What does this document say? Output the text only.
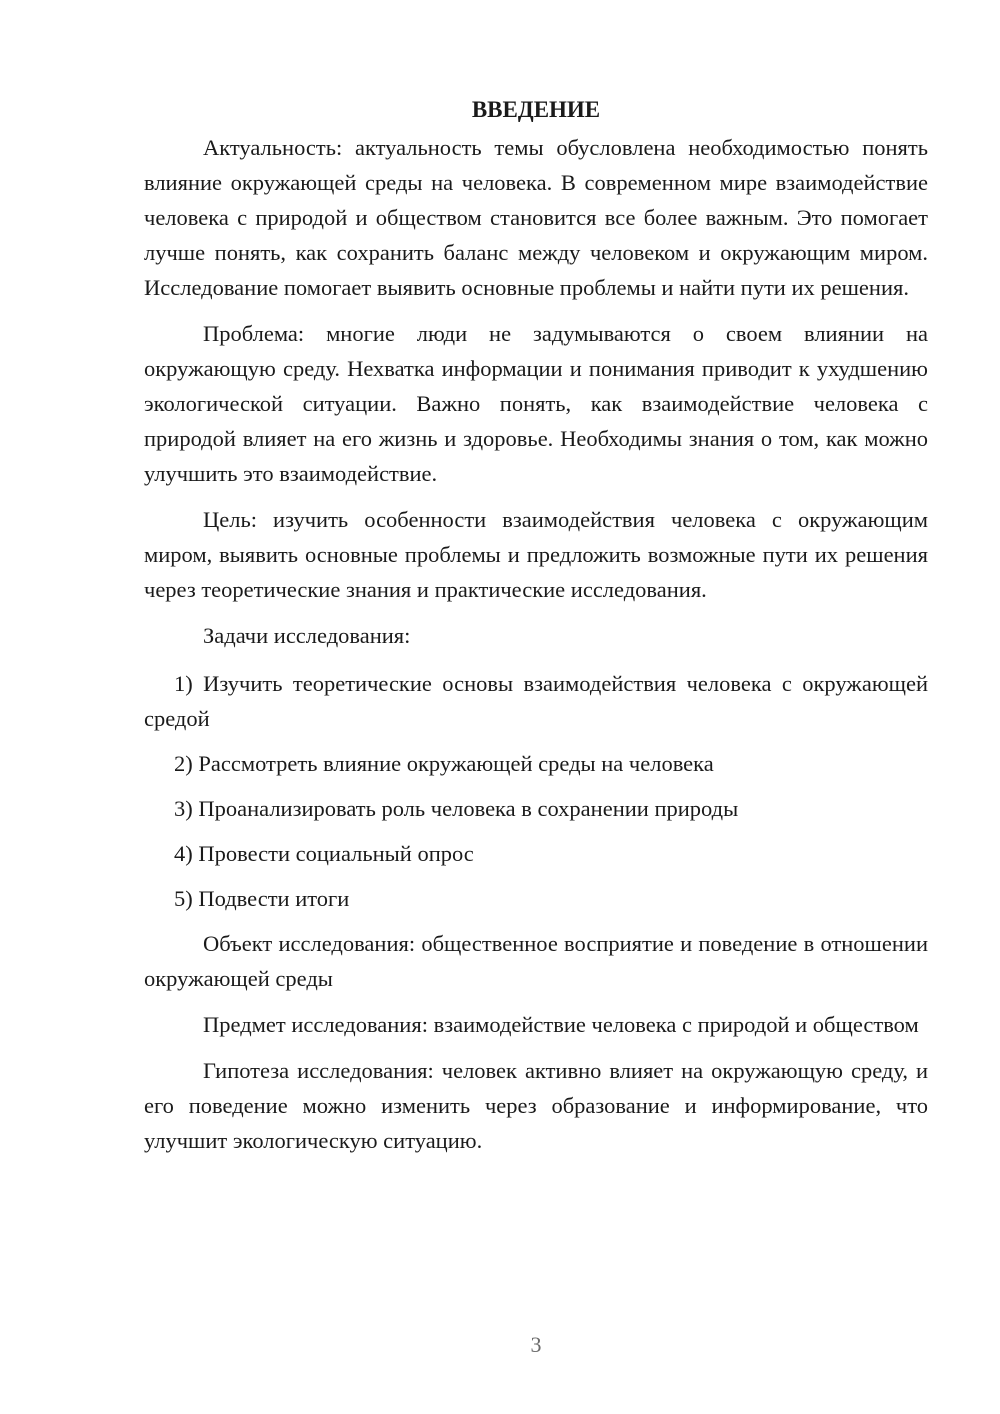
ВВЕДЕНИЕ

Актуальность: актуальность темы обусловлена необходимостью понять влияние окружающей среды на человека. В современном мире взаимодействие человека с природой и обществом становится все более важным. Это помогает лучше понять, как сохранить баланс между человеком и окружающим миром. Исследование помогает выявить основные проблемы и найти пути их решения.

Проблема: многие люди не задумываются о своем влиянии на окружающую среду. Нехватка информации и понимания приводит к ухудшению экологической ситуации. Важно понять, как взаимодействие человека с природой влияет на его жизнь и здоровье. Необходимы знания о том, как можно улучшить это взаимодействие.

Цель: изучить особенности взаимодействия человека с окружающим миром, выявить основные проблемы и предложить возможные пути их решения через теоретические знания и практические исследования.

Задачи исследования:

1) Изучить теоретические основы взаимодействия человека с окружающей средой

2) Рассмотреть влияние окружающей среды на человека

3) Проанализировать роль человека в сохранении природы

4) Провести социальный опрос

5) Подвести итоги

Объект исследования: общественное восприятие и поведение в отношении окружающей среды

Предмет исследования: взаимодействие человека с природой и обществом

Гипотеза исследования: человек активно влияет на окружающую среду, и его поведение можно изменить через образование и информирование, что улучшит экологическую ситуацию.

3
